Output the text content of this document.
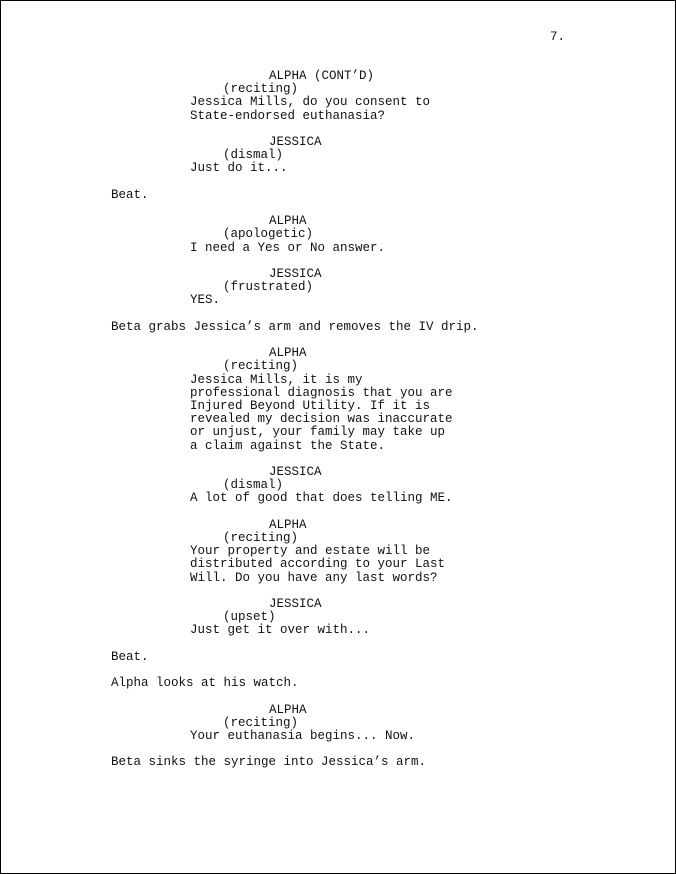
7.
ALPHA (CONT’D)
(reciting)
Jessica Mills, do you consent to
State-endorsed euthanasia?
JESSICA
(dismal)
Just do it...
Beat.
ALPHA
(apologetic)
I need a Yes or No answer.
JESSICA
(frustrated)
YES.
Beta grabs Jessica’s arm and removes the IV drip.
ALPHA
(reciting)
Jessica Mills, it is my
professional diagnosis that you are
Injured Beyond Utility. If it is
revealed my decision was inaccurate
or unjust, your family may take up
a claim against the State.
JESSICA
(dismal)
A lot of good that does telling ME.
ALPHA
(reciting)
Your property and estate will be
distributed according to your Last
Will. Do you have any last words?
JESSICA
(upset)
Just get it over with...
Beat.
Alpha looks at his watch.
ALPHA
(reciting)
Your euthanasia begins... Now.
Beta sinks the syringe into Jessica’s arm.
